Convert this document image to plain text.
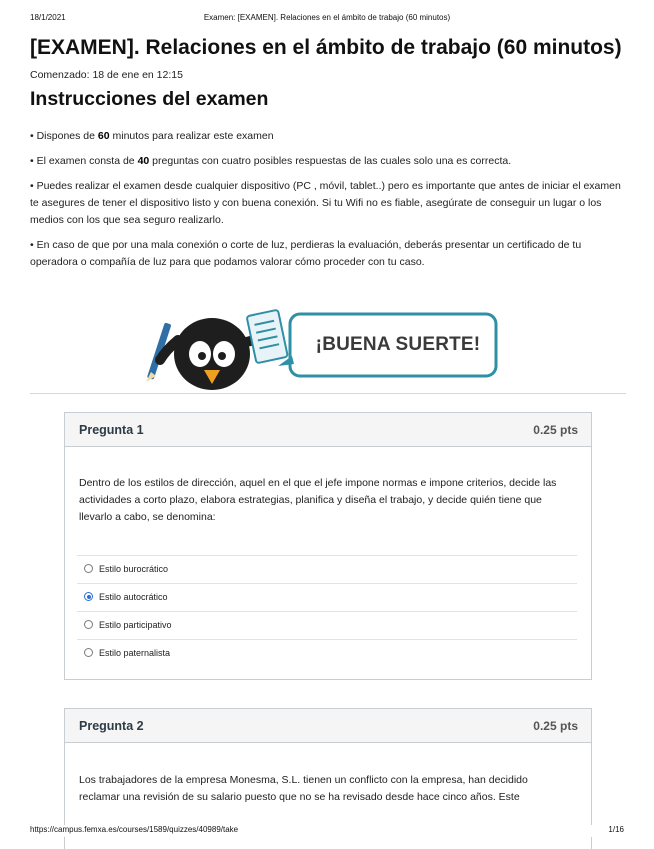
18/1/2021	Examen: [EXAMEN]. Relaciones en el ámbito de trabajo (60 minutos)
[EXAMEN]. Relaciones en el ámbito de trabajo (60 minutos)
Comenzado: 18 de ene en 12:15
Instrucciones del examen

• Dispones de 60 minutos para realizar este examen

• El examen consta de 40 preguntas con cuatro posibles respuestas de las cuales solo una es correcta.

• Puedes realizar el examen desde cualquier dispositivo (PC , móvil, tablet..) pero es importante que antes de iniciar el examen te asegures de tener el dispositivo listo y con buena conexión. Si tu Wifi no es fiable, asegúrate de conseguir un lugar o los medios con los que sea seguro realizarlo.

• En caso de que por una mala conexión o corte de luz, perdieras la evaluación, deberás presentar un certificado de tu operadora o compañía de luz para que podamos valorar cómo proceder con tu caso.

¡BUENA SUERTE!
Pregunta 1	0.25 pts
Dentro de los estilos de dirección, aquel en el que el jefe impone normas e impone criterios, decide las actividades a corto plazo, elabora estrategias, planifica y diseña el trabajo, y decide quién tiene que llevarlo a cabo, se denomina:
Estilo burocrático
Estilo autocrático
Estilo participativo
Estilo paternalista
Pregunta 2	0.25 pts
Los trabajadores de la empresa Monesma, S.L. tienen un conflicto con la empresa, han decidido reclamar una revisión de su salario puesto que no se ha revisado desde hace cinco años. Este
https://campus.femxa.es/courses/1589/quizzes/40989/take	1/16
